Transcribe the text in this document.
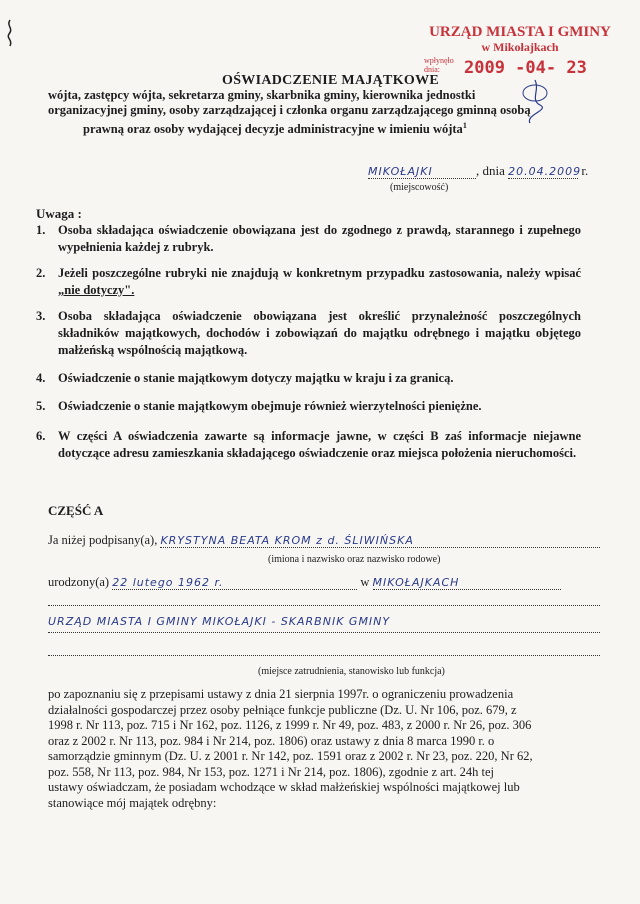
URZĄD MIASTA I GMINY
w Mikołajkach
wpłynęło dnia:	2009 -04- 23
OŚWIADCZENIE MAJĄTKOWE
wójta, zastępcy wójta, sekretarza gminy, skarbnika gminy, kierownika jednostki
organizacyjnej gminy, osoby zarządzającej i członka organu zarządzającego gminną osobą
prawną oraz osoby wydającej decyzje administracyjne w imieniu wójta$^1$
MIKOŁAJKI	, dnia 20.04.2009 r.
(miejscowość)
Uwaga :
1.	Osoba składająca oświadczenie obowiązana jest do zgodnego z prawdą, starannego i zupełnego wypełnienia każdej z rubryk.
2.	Jeżeli poszczególne rubryki nie znajdują w konkretnym przypadku zastosowania, należy wpisać „nie dotyczy".
3.	Osoba składająca oświadczenie obowiązana jest określić przynależność poszczególnych składników majątkowych, dochodów i zobowiązań do majątku odrębnego i majątku objętego małżeńską wspólnością majątkową.
4.	Oświadczenie o stanie majątkowym dotyczy majątku w kraju i za granicą.
5.	Oświadczenie o stanie majątkowym obejmuje również wierzytelności pieniężne.
6.	W części A oświadczenia zawarte są informacje jawne, w części B zaś informacje niejawne dotyczące adresu zamieszkania składającego oświadczenie oraz miejsca położenia nieruchomości.
CZĘŚĆ A
Ja niżej podpisany(a), KRYSTYNA BEATA KROM z d. ŚLIWIŃSKA
(imiona i nazwisko oraz nazwisko rodowe)
urodzony(a) 22 lutego 1962 r.	w MIKOŁAJKACH
URZĄD MIASTA I GMINY MIKOŁAJKI - SKARBNIK GMINY
(miejsce zatrudnienia, stanowisko lub funkcja)
po zapoznaniu się z przepisami ustawy z dnia 21 sierpnia 1997r. o ograniczeniu prowadzenia
działalności gospodarczej przez osoby pełniące funkcje publiczne (Dz. U. Nr 106, poz. 679, z
1998 r. Nr 113, poz. 715 i Nr 162, poz. 1126, z 1999 r. Nr 49, poz. 483, z 2000 r. Nr 26, poz. 306
oraz z 2002 r. Nr 113, poz. 984 i Nr 214, poz. 1806) oraz ustawy z dnia 8 marca 1990 r. o
samorządzie gminnym (Dz. U. z 2001 r. Nr 142, poz. 1591 oraz z 2002 r. Nr 23, poz. 220, Nr 62,
poz. 558, Nr 113, poz. 984, Nr 153, poz. 1271 i Nr 214, poz. 1806), zgodnie z art. 24h tej
ustawy oświadczam, że posiadam wchodzące w skład małżeńskiej wspólności majątkowej lub
stanowiące mój majątek odrębny:
